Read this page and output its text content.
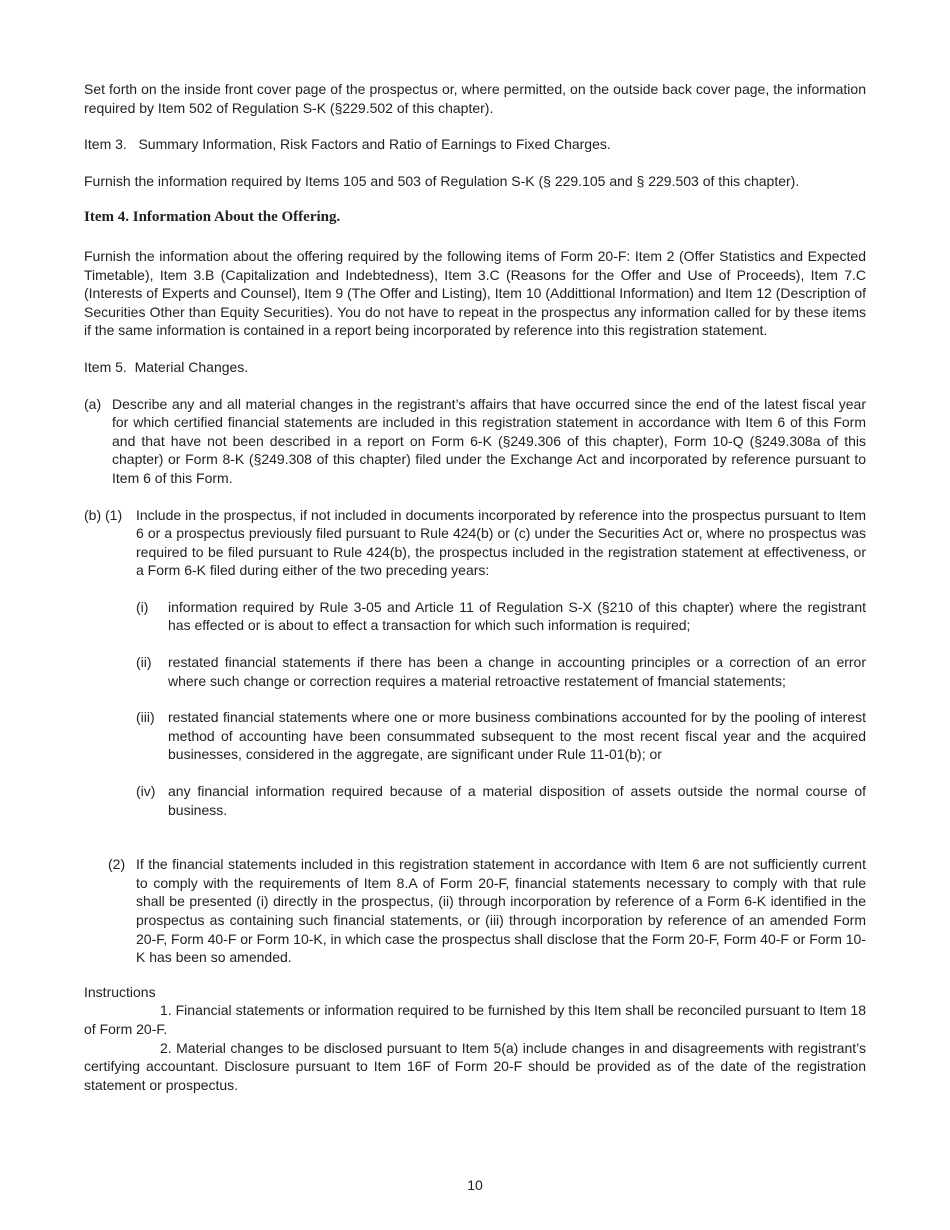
Set forth on the inside front cover page of the prospectus or, where permitted, on the outside back cover page, the information required by Item 502 of Regulation S-K (§229.502 of this chapter).

Item 3.   Summary Information, Risk Factors and Ratio of Earnings to Fixed Charges.

Furnish the information required by Items 105 and 503 of Regulation S-K (§ 229.105 and § 229.503 of this chapter).

Item 4. Information About the Offering.

Furnish the information about the offering required by the following items of Form 20-F: Item 2 (Offer Statistics and Expected Timetable), Item 3.B (Capitalization and Indebtedness), Item 3.C (Reasons for the Offer and Use of Proceeds), Item 7.C (Interests of Experts and Counsel), Item 9 (The Offer and Listing), Item 10 (Addittional Information) and Item 12 (Description of Securities Other than Equity Securities). You do not have to repeat in the prospectus any information called for by these items if the same information is contained in a report being incorporated by reference into this registration statement.

Item 5.  Material Changes.

(a) Describe any and all material changes in the registrant’s affairs that have occurred since the end of the latest fiscal year for which certified financial statements are included in this registration statement in accordance with Item 6 of this Form and that have not been described in a report on Form 6-K (§249.306 of this chapter), Form 10-Q (§249.308a of this chapter) or Form 8-K (§249.308 of this chapter) filed under the Exchange Act and incorporated by reference pursuant to Item 6 of this Form.

(b) (1) Include in the prospectus, if not included in documents incorporated by reference into the prospectus pursuant to Item 6 or a prospectus previously filed pursuant to Rule 424(b) or (c) under the Securities Act or, where no prospectus was required to be filed pursuant to Rule 424(b), the prospectus included in the registration statement at effectiveness, or a Form 6-K filed during either of the two preceding years:

(i) information required by Rule 3-05 and Article 11 of Regulation S-X (§210 of this chapter) where the registrant has effected or is about to effect a transaction for which such information is required;

(ii) restated financial statements if there has been a change in accounting principles or a correction of an error where such change or correction requires a material retroactive restatement of fmancial statements;

(iii) restated financial statements where one or more business combinations accounted for by the pooling of interest method of accounting have been consummated subsequent to the most recent fiscal year and the acquired businesses, considered in the aggregate, are significant under Rule 11-01(b); or

(iv) any financial information required because of a material disposition of assets outside the normal course of business.

(2) If the financial statements included in this registration statement in accordance with Item 6 are not sufficiently current to comply with the requirements of Item 8.A of Form 20-F, financial statements necessary to comply with that rule shall be presented (i) directly in the prospectus, (ii) through incorporation by reference of a Form 6-K identified in the prospectus as containing such financial statements, or (iii) through incorporation by reference of an amended Form 20-F, Form 40-F or Form 10-K, in which case the prospectus shall disclose that the Form 20-F, Form 40-F or Form 10-K has been so amended.

Instructions

1. Financial statements or information required to be furnished by this Item shall be reconciled pursuant to Item 18 of Form 20-F.

2. Material changes to be disclosed pursuant to Item 5(a) include changes in and disagreements with registrant’s certifying accountant. Disclosure pursuant to Item 16F of Form 20-F should be provided as of the date of the registration statement or prospectus.

10
